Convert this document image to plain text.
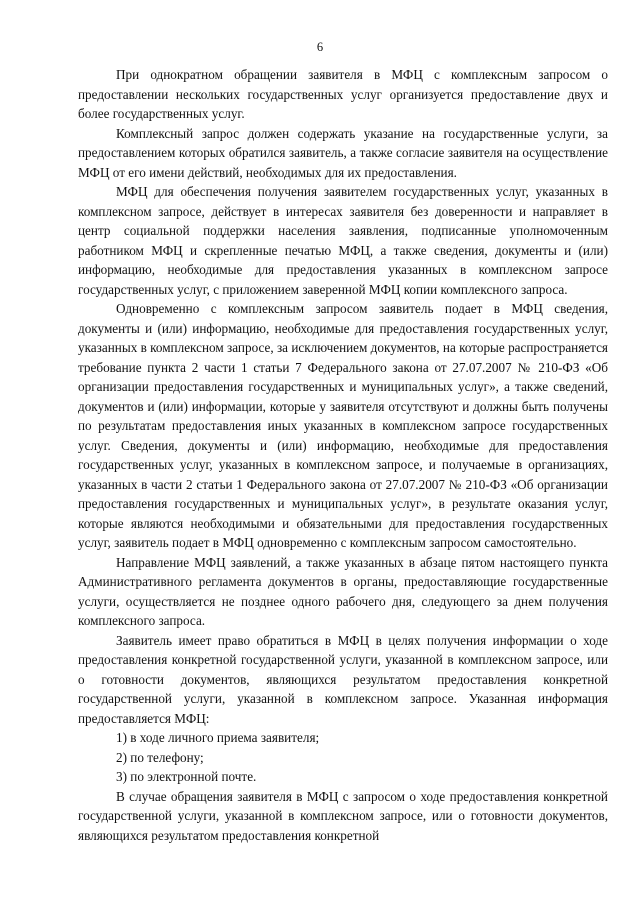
6

При однократном обращении заявителя в МФЦ с комплексным запросом о предоставлении нескольких государственных услуг организуется предоставление двух и более государственных услуг.

Комплексный запрос должен содержать указание на государственные услуги, за предоставлением которых обратился заявитель, а также согласие заявителя на осуществление МФЦ от его имени действий, необходимых для их предоставления.

МФЦ для обеспечения получения заявителем государственных услуг, указанных в комплексном запросе, действует в интересах заявителя без доверенности и направляет в центр социальной поддержки населения заявления, подписанные уполномоченным работником МФЦ и скрепленные печатью МФЦ, а также сведения, документы и (или) информацию, необходимые для предоставления указанных в комплексном запросе государственных услуг, с приложением заверенной МФЦ копии комплексного запроса.

Одновременно с комплексным запросом заявитель подает в МФЦ сведения, документы и (или) информацию, необходимые для предоставления государственных услуг, указанных в комплексном запросе, за исключением документов, на которые распространяется требование пункта 2 части 1 статьи 7 Федерального закона от 27.07.2007 № 210-ФЗ «Об организации предоставления государственных и муниципальных услуг», а также сведений, документов и (или) информации, которые у заявителя отсутствуют и должны быть получены по результатам предоставления иных указанных в комплексном запросе государственных услуг. Сведения, документы и (или) информацию, необходимые для предоставления государственных услуг, указанных в комплексном запросе, и получаемые в организациях, указанных в части 2 статьи 1 Федерального закона от 27.07.2007 № 210-ФЗ «Об организации предоставления государственных и муниципальных услуг», в результате оказания услуг, которые являются необходимыми и обязательными для предоставления государственных услуг, заявитель подает в МФЦ одновременно с комплексным запросом самостоятельно.

Направление МФЦ заявлений, а также указанных в абзаце пятом настоящего пункта Административного регламента документов в органы, предоставляющие государственные услуги, осуществляется не позднее одного рабочего дня, следующего за днем получения комплексного запроса.

Заявитель имеет право обратиться в МФЦ в целях получения информации о ходе предоставления конкретной государственной услуги, указанной в комплексном запросе, или о готовности документов, являющихся результатом предоставления конкретной государственной услуги, указанной в комплексном запросе. Указанная информация предоставляется МФЦ:

1) в ходе личного приема заявителя;

2) по телефону;

3) по электронной почте.

В случае обращения заявителя в МФЦ с запросом о ходе предоставления конкретной государственной услуги, указанной в комплексном запросе, или о готовности документов, являющихся результатом предоставления конкретной
